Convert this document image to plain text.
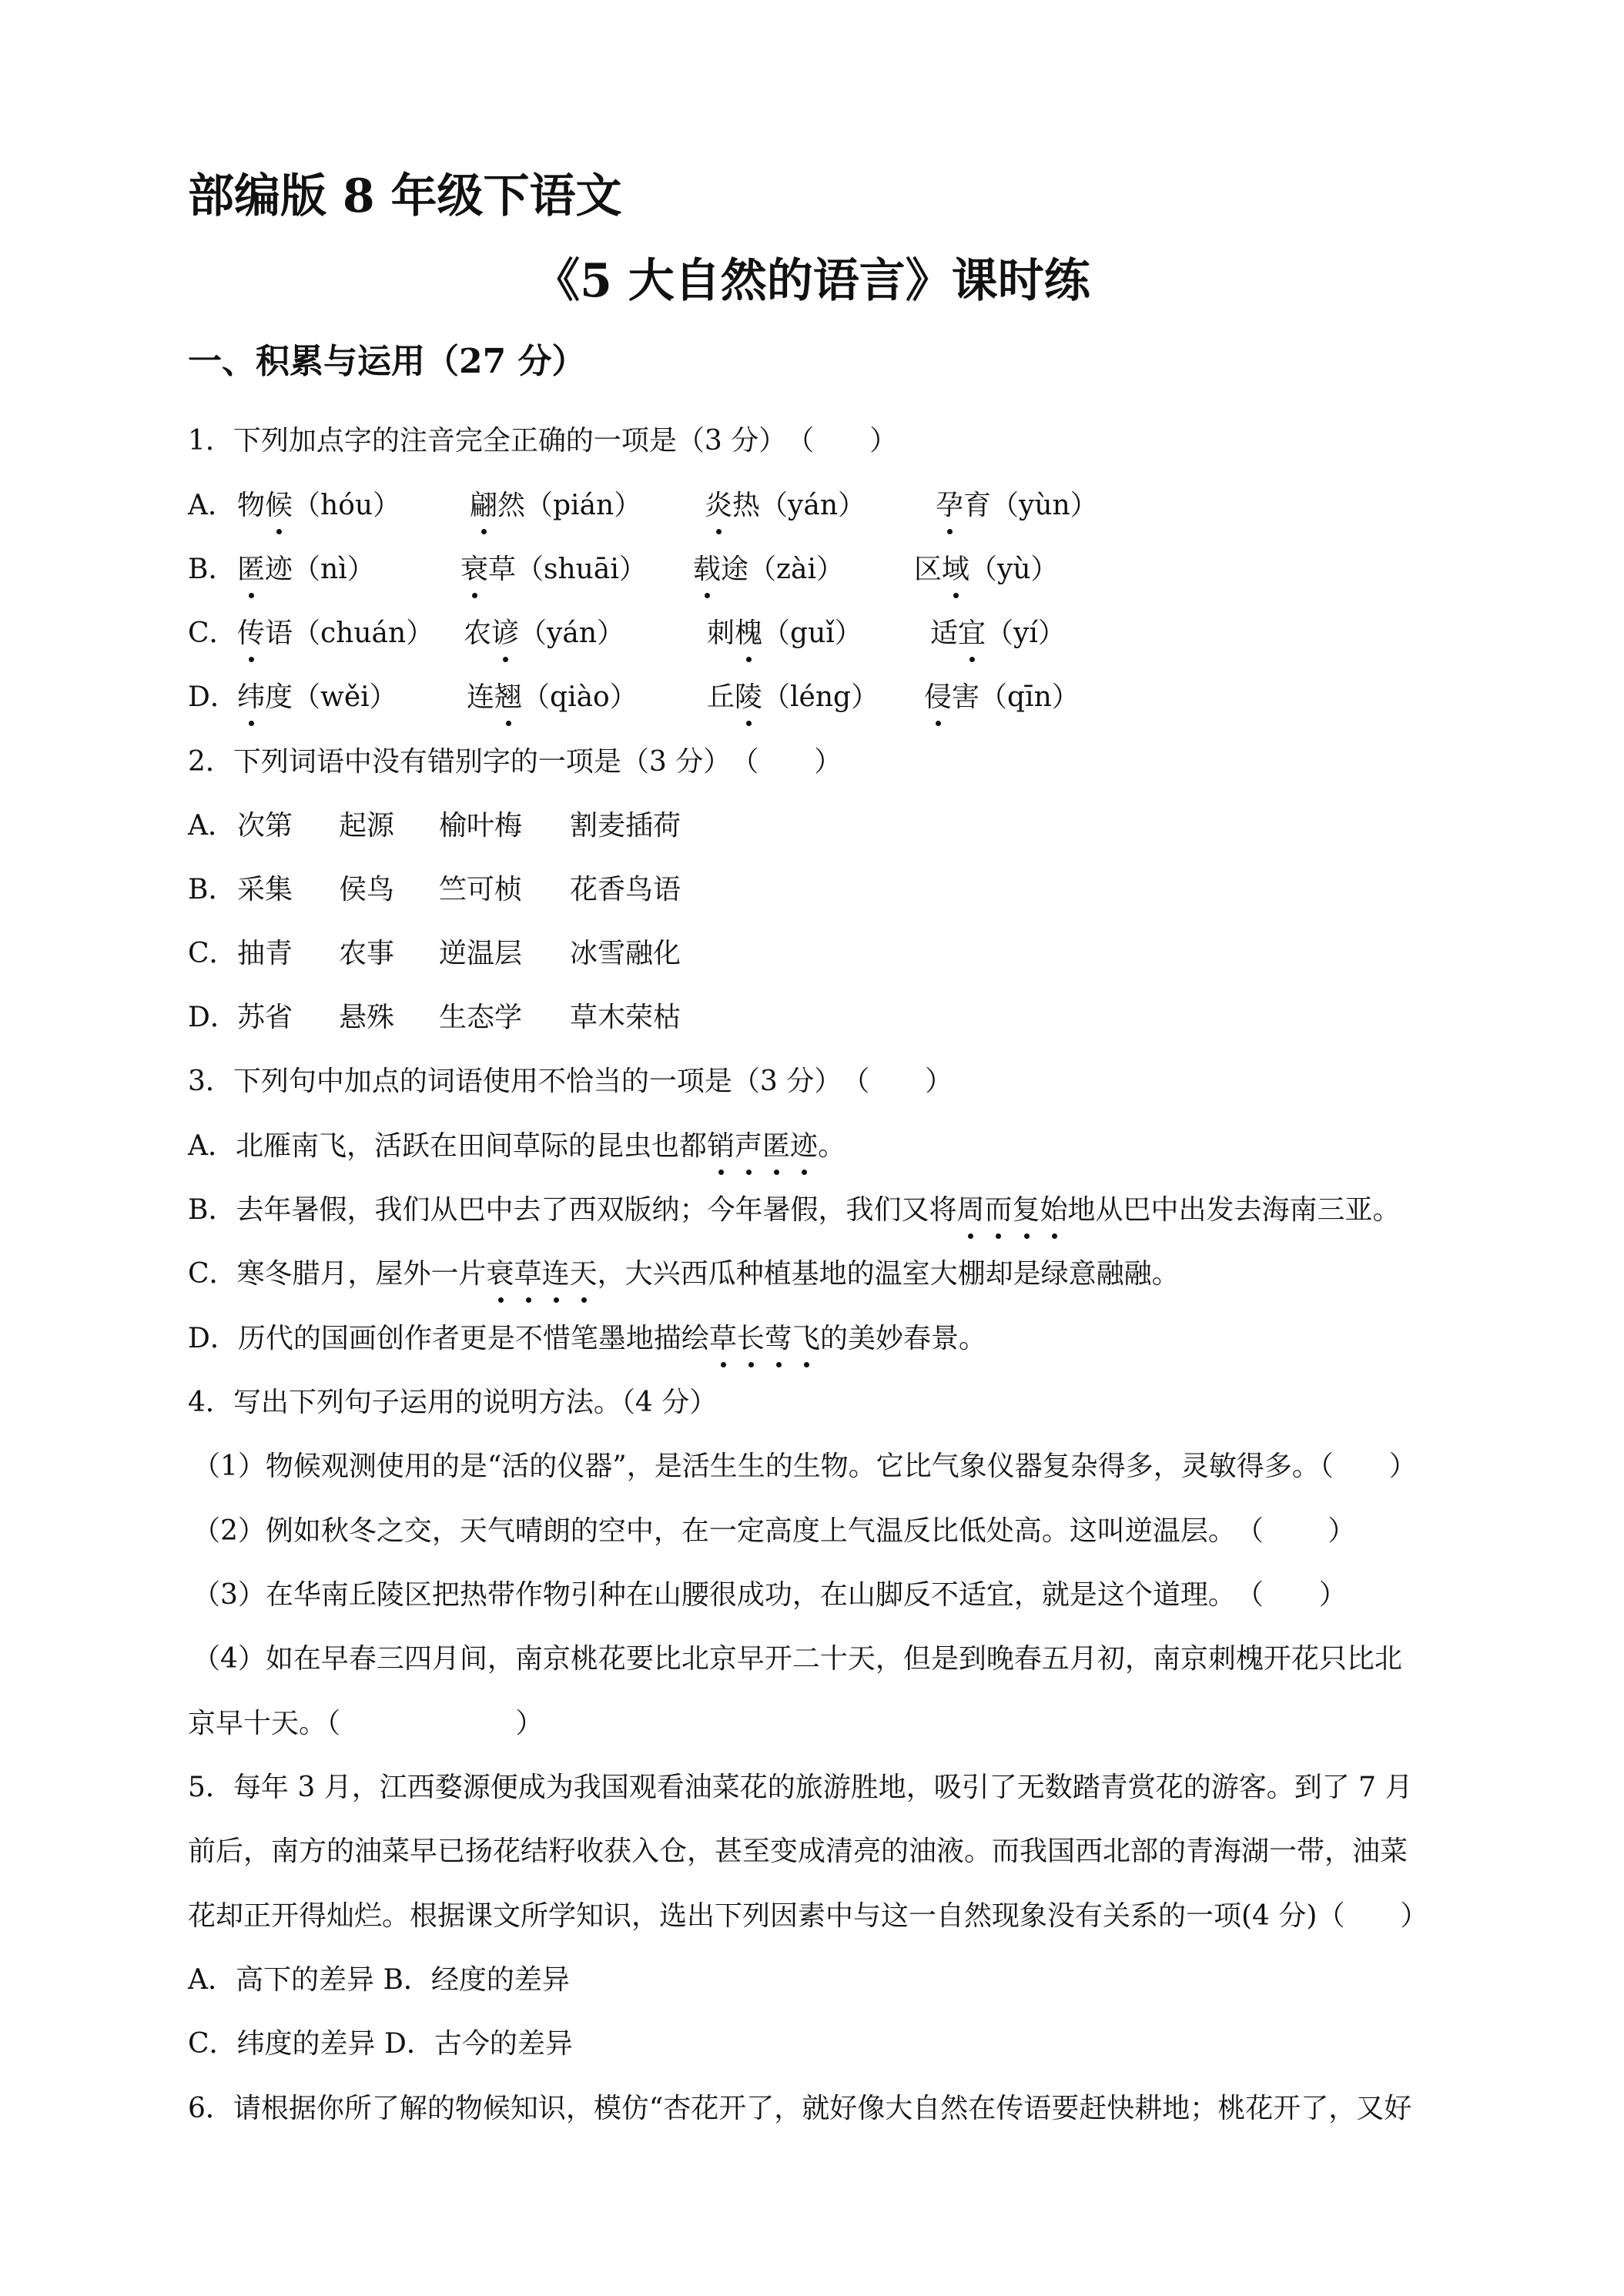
部编版 8 年级下语文
《5 大自然的语言》课时练
一、积累与运用（27 分）
1．下列加点字的注音完全正确的一项是（3 分）　（　　）
A． 物候（hóu） 翩然（pián） 炎热（yán）	孕育（yùn）
B． 匿迹（nì）	衰草（shuāi） 载途（zài）	区域（yù）
C． 传语（chuán） 农谚（yán）	刺槐（guǐ） 适宜（yí）
D． 纬度（wěi）	连翘（qiào）	丘陵（léng） 侵害（qīn）
2．下列词语中没有错别字的一项是（3 分）　（　　）
A． 次第 起源 榆叶梅 割麦插荷
B． 采集 侯鸟 竺可桢 花香鸟语
C． 抽青 农事 逆温层 冰雪融化
D． 苏省 悬殊 生态学 草木荣枯
3．下列句中加点的词语使用不恰当的一项是（3 分）　（　　）
A．北雁南飞，活跃在田间草际的昆虫也都销声匿迹。
B．去年暑假，我们从巴中去了西双版纳；今年暑假，我们又将周而复始地从巴中出发去海南三亚。
C．寒冬腊月，屋外一片衰草连天，大兴西瓜种植基地的温室大棚却是绿意融融。
D．历代的国画创作者更是不惜笔墨地描绘草长莺飞的美妙春景。
4．写出下列句子运用的说明方法。（4 分）
（1）物候观测使用的是“活的仪器”，是活生生的生物。它比气象仪器复杂得多，灵敏得多。（　　）
（2）例如秋冬之交，天气晴朗的空中，在一定高度上气温反比低处高。这叫逆温层。　（　　 ）
（3）在华南丘陵区把热带作物引种在山腰很成功，在山脚反不适宜，就是这个道理。　（　　）
（4）如在早春三四月间，南京桃花要比北京早开二十天，但是到晚春五月初，南京刺槐开花只比北
京早十天。（　　　　　　 ）
5．每年 3 月，江西婺源便成为我国观看油菜花的旅游胜地，吸引了无数踏青赏花的游客。到了 7 月
前后，南方的油菜早已扬花结籽收获入仓，甚至变成清亮的油液。而我国西北部的青海湖一带，油菜
花却正开得灿烂。根据课文所学知识，选出下列因素中与这一自然现象没有关系的一项(4 分)（　　）
A．高下的差异 B．经度的差异
C．纬度的差异 D．古今的差异
6．请根据你所了解的物候知识，模仿“杏花开了，就好像大自然在传语要赶快耕地；桃花开了，又好
